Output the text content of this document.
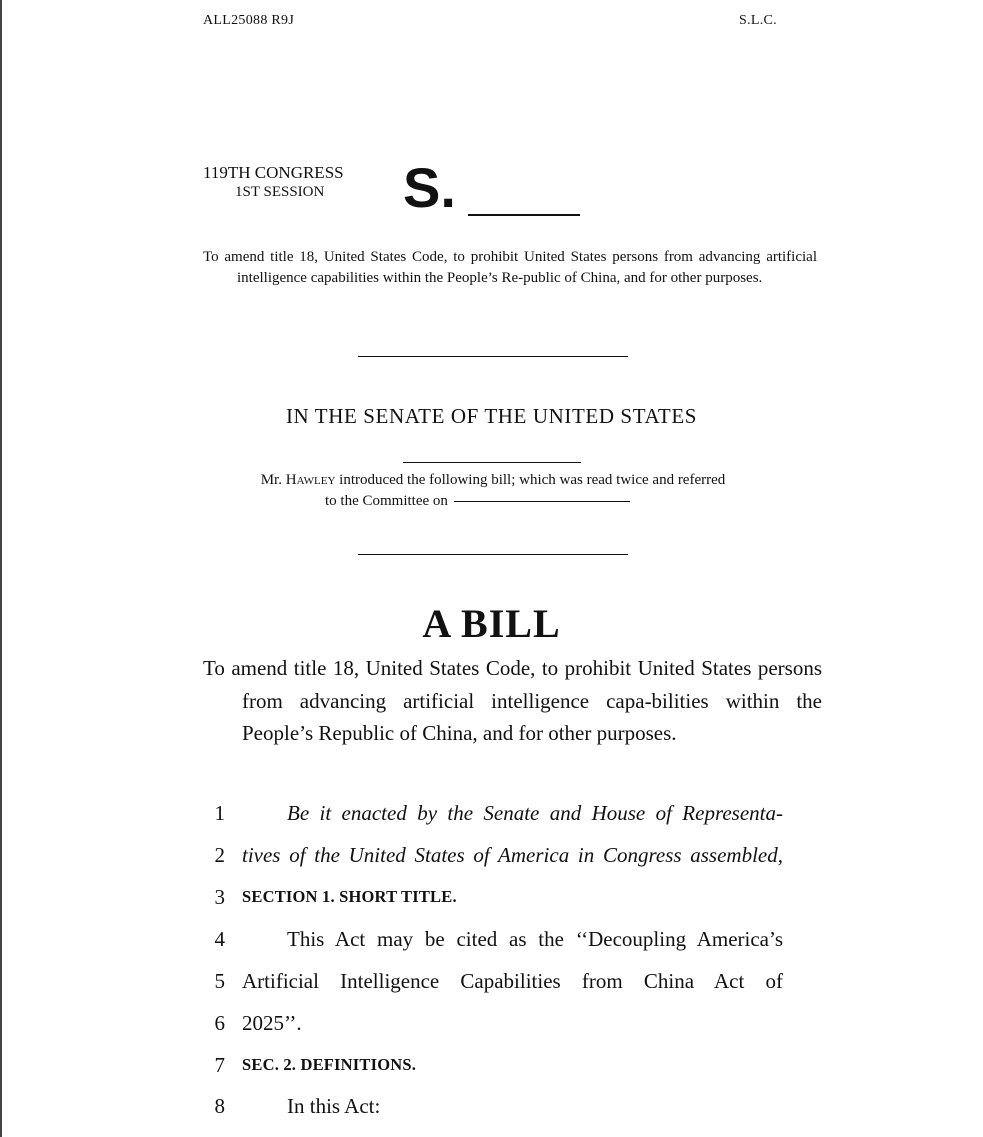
ALL25088 R9J	S.L.C.
119TH CONGRESS
1ST SESSION S.
To amend title 18, United States Code, to prohibit United States persons from advancing artificial intelligence capabilities within the People’s Re-public of China, and for other purposes.
IN THE SENATE OF THE UNITED STATES
Mr. Hawley introduced the following bill; which was read twice and referred
to the Committee on
A BILL
To amend title 18, United States Code, to prohibit United States persons from advancing artificial intelligence capa-bilities within the People’s Republic of China, and for other purposes.
1	Be it enacted by the Senate and House of Representa-
2 tives of the United States of America in Congress assembled,
3 SECTION 1. SHORT TITLE.
4	This Act may be cited as the ‘‘Decoupling America’s
5 Artificial Intelligence Capabilities from China Act of
6 2025’’.
7 SEC. 2. DEFINITIONS.
8	In this Act:
